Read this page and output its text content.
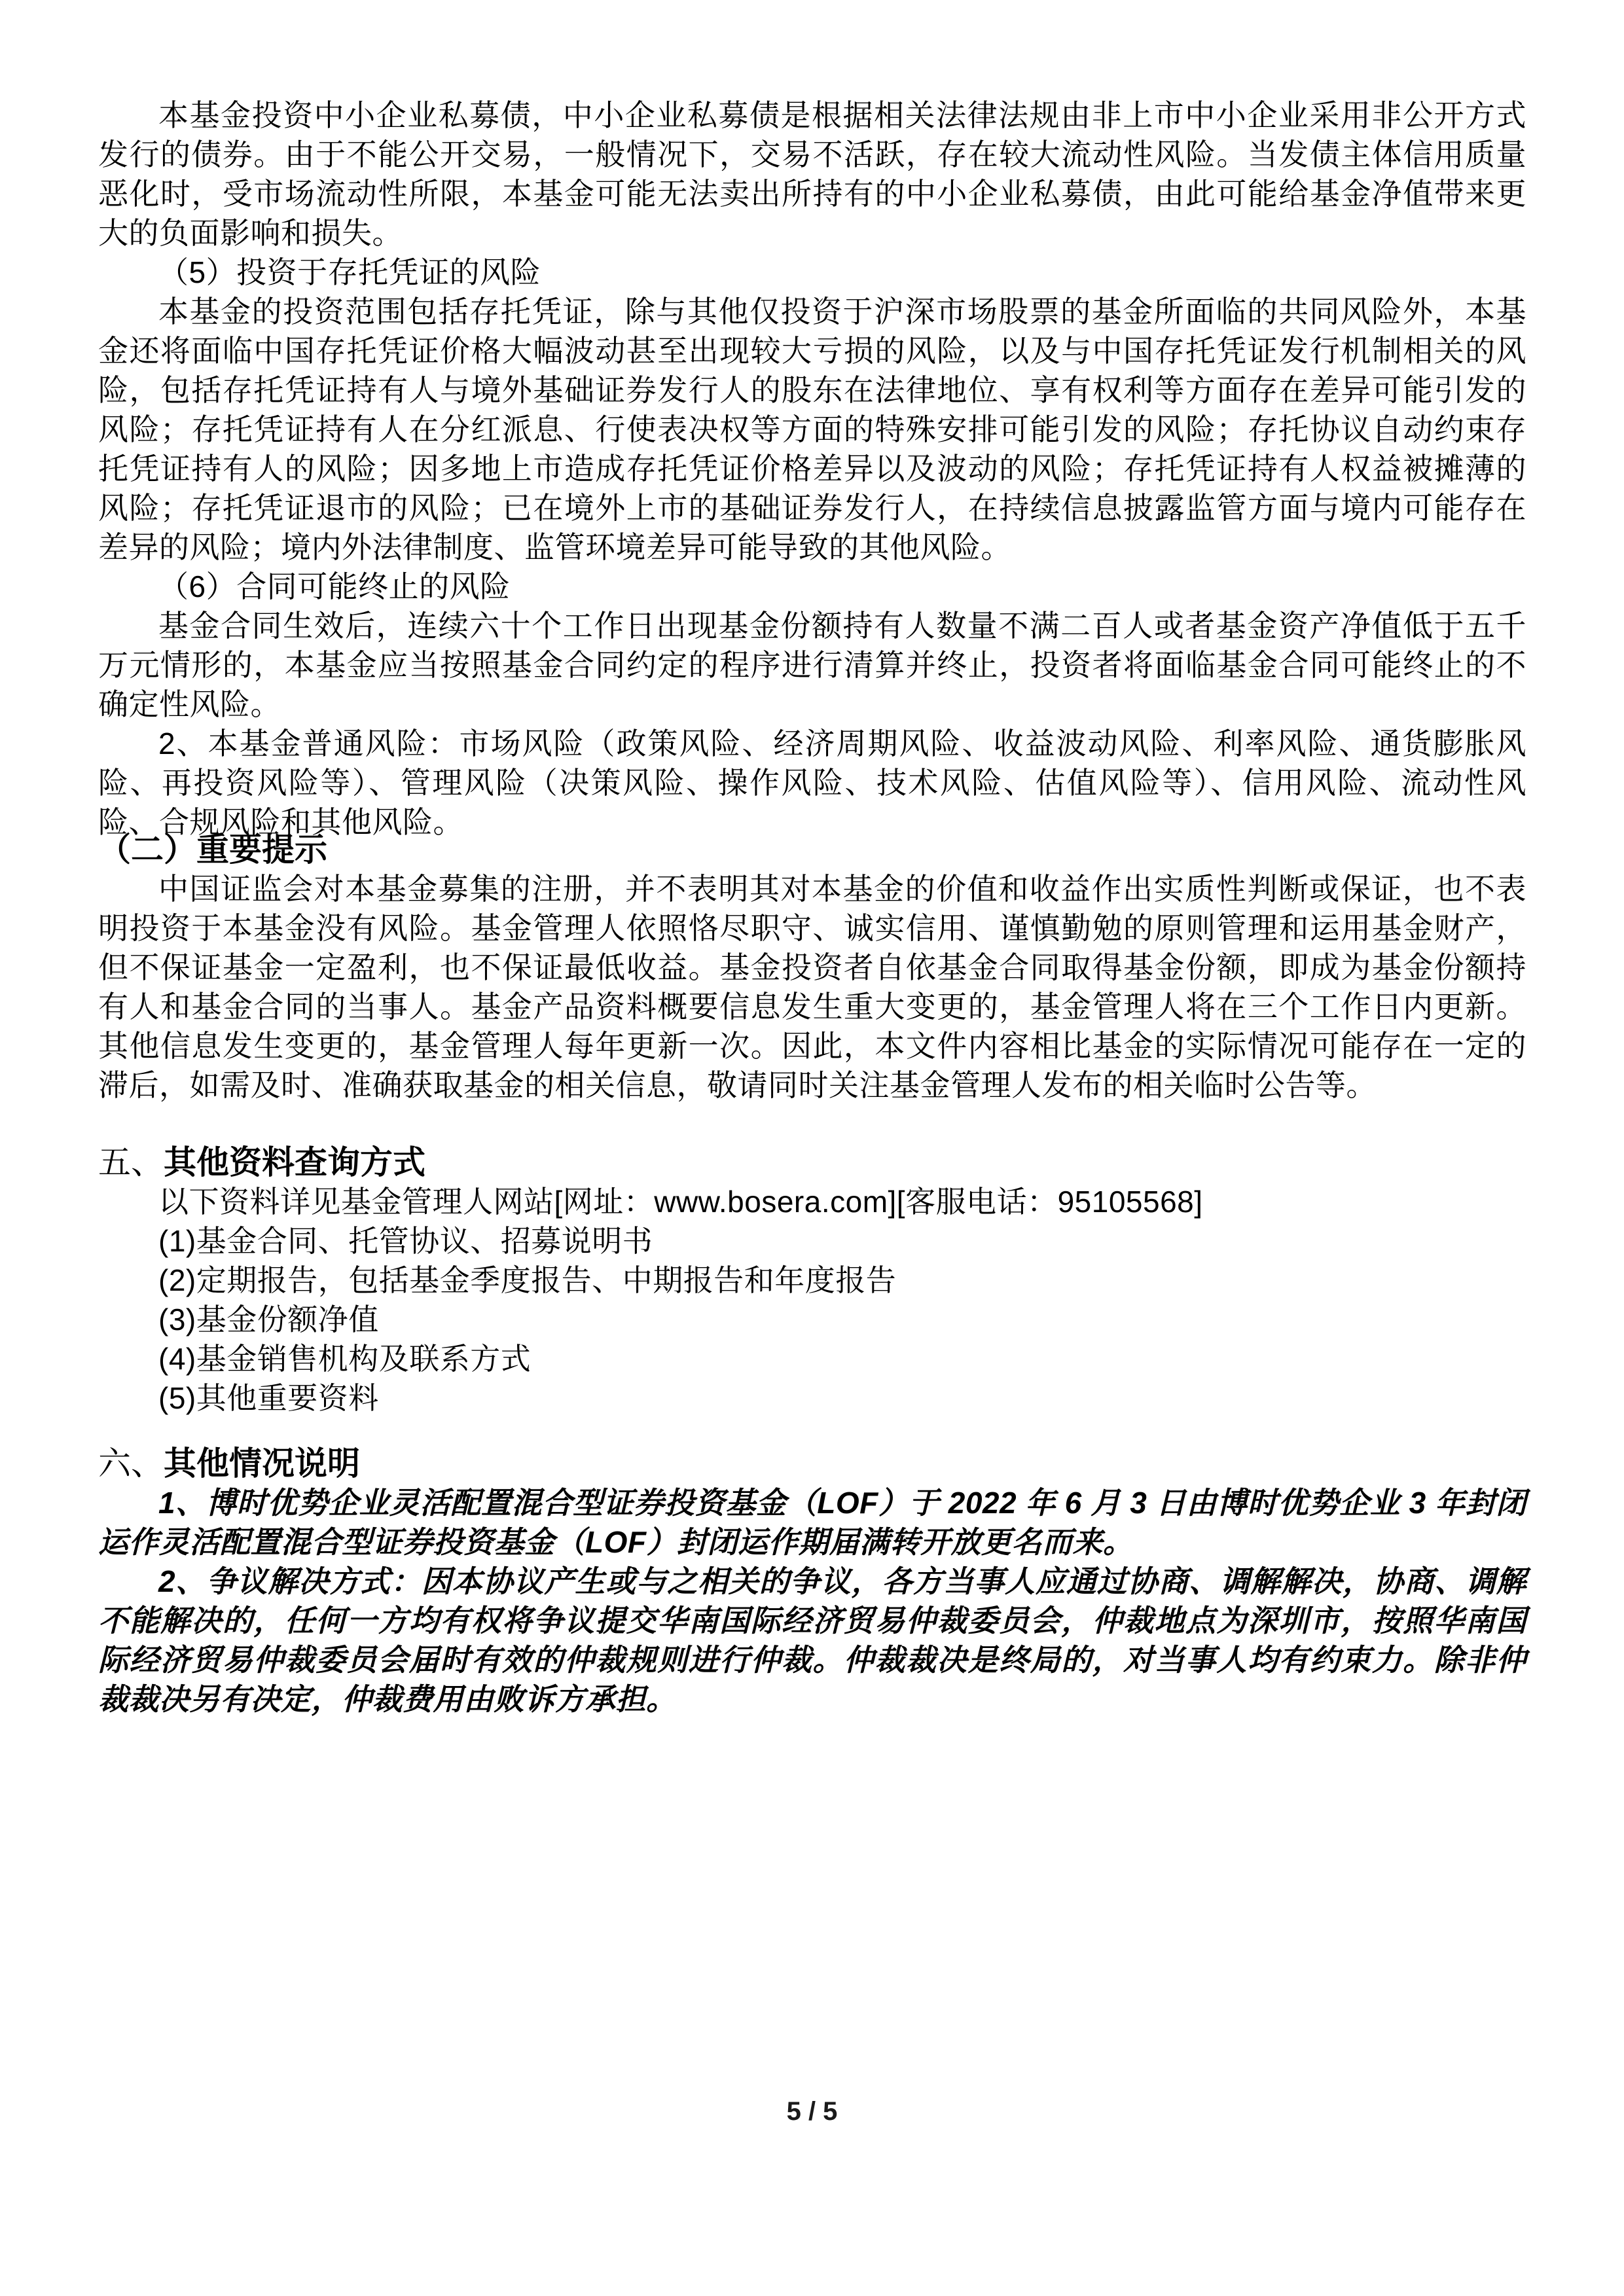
本基金投资中小企业私募债，中小企业私募债是根据相关法律法规由非上市中小企业采用非公开方式发行的债券。由于不能公开交易，一般情况下，交易不活跃，存在较大流动性风险。当发债主体信用质量恶化时，受市场流动性所限，本基金可能无法卖出所持有的中小企业私募债，由此可能给基金净值带来更大的负面影响和损失。

（5）投资于存托凭证的风险

本基金的投资范围包括存托凭证，除与其他仅投资于沪深市场股票的基金所面临的共同风险外，本基金还将面临中国存托凭证价格大幅波动甚至出现较大亏损的风险，以及与中国存托凭证发行机制相关的风险，包括存托凭证持有人与境外基础证券发行人的股东在法律地位、享有权利等方面存在差异可能引发的风险；存托凭证持有人在分红派息、行使表决权等方面的特殊安排可能引发的风险；存托协议自动约束存托凭证持有人的风险；因多地上市造成存托凭证价格差异以及波动的风险；存托凭证持有人权益被摊薄的风险；存托凭证退市的风险；已在境外上市的基础证券发行人，在持续信息披露监管方面与境内可能存在差异的风险；境内外法律制度、监管环境差异可能导致的其他风险。

（6）合同可能终止的风险

基金合同生效后，连续六十个工作日出现基金份额持有人数量不满二百人或者基金资产净值低于五千万元情形的，本基金应当按照基金合同约定的程序进行清算并终止，投资者将面临基金合同可能终止的不确定性风险。

2、本基金普通风险：市场风险（政策风险、经济周期风险、收益波动风险、利率风险、通货膨胀风险、再投资风险等）、管理风险（决策风险、操作风险、技术风险、估值风险等）、信用风险、流动性风险、合规风险和其他风险。

（二）重要提示

中国证监会对本基金募集的注册，并不表明其对本基金的价值和收益作出实质性判断或保证，也不表明投资于本基金没有风险。基金管理人依照恪尽职守、诚实信用、谨慎勤勉的原则管理和运用基金财产，但不保证基金一定盈利，也不保证最低收益。基金投资者自依基金合同取得基金份额，即成为基金份额持有人和基金合同的当事人。基金产品资料概要信息发生重大变更的，基金管理人将在三个工作日内更新。其他信息发生变更的，基金管理人每年更新一次。因此，本文件内容相比基金的实际情况可能存在一定的滞后，如需及时、准确获取基金的相关信息，敬请同时关注基金管理人发布的相关临时公告等。

五、其他资料查询方式

以下资料详见基金管理人网站[网址：www.bosera.com][客服电话：95105568]

(1)基金合同、托管协议、招募说明书

(2)定期报告，包括基金季度报告、中期报告和年度报告

(3)基金份额净值

(4)基金销售机构及联系方式

(5)其他重要资料

六、其他情况说明

1、博时优势企业灵活配置混合型证券投资基金（LOF）于 2022 年 6 月 3 日由博时优势企业 3 年封闭运作灵活配置混合型证券投资基金（LOF）封闭运作期届满转开放更名而来。

2、争议解决方式：因本协议产生或与之相关的争议，各方当事人应通过协商、调解解决，协商、调解不能解决的，任何一方均有权将争议提交华南国际经济贸易仲裁委员会，仲裁地点为深圳市，按照华南国际经济贸易仲裁委员会届时有效的仲裁规则进行仲裁。仲裁裁决是终局的，对当事人均有约束力。除非仲裁裁决另有决定，仲裁费用由败诉方承担。

5 / 5
